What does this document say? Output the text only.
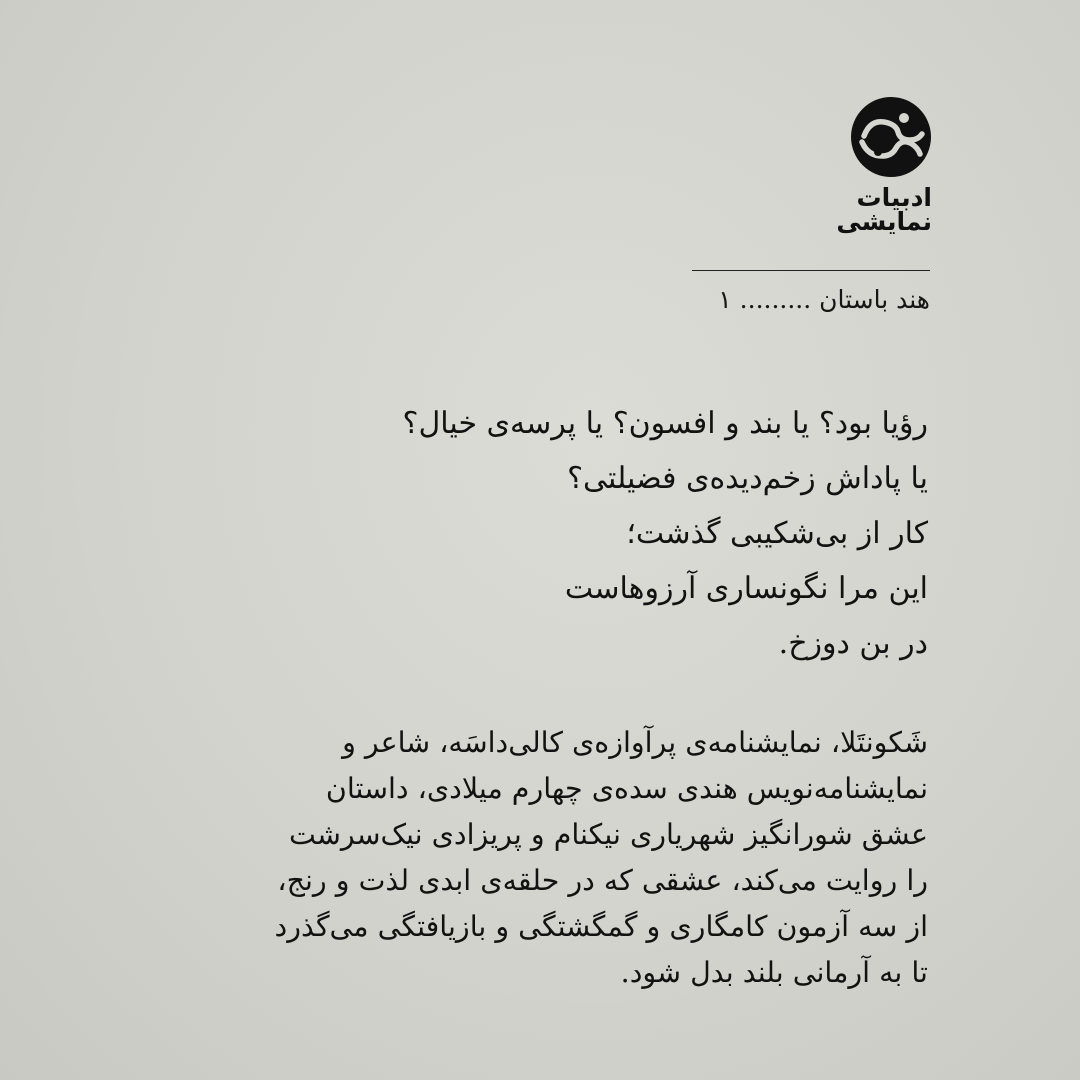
ادبیات
نمایشی
هند باستان ......... ۱
رؤیا بود؟ یا بند و افسون؟ یا پرسه‌ی خیال؟
یا پاداش زخم‌دیده‌ی فضیلتی؟
کار از بی‌شکیبی گذشت؛
این مرا نگونساری آرزوهاست
در بن دوزخ.
شَکونتَلا، نمایشنامه‌ی پرآوازه‌ی کالی‌داسَه، شاعر و
نمایشنامه‌نویس هندی سده‌ی چهارم میلادی، داستان
عشق شورانگیز شهریاری نیکنام و پریزادی نیک‌سرشت
را روایت می‌کند، عشقی که در حلقه‌ی ابدی لذت و رنج،
از سه آزمون کامگاری و گمگشتگی و بازیافتگی می‌گذرد
تا به آرمانی بلند بدل شود.
